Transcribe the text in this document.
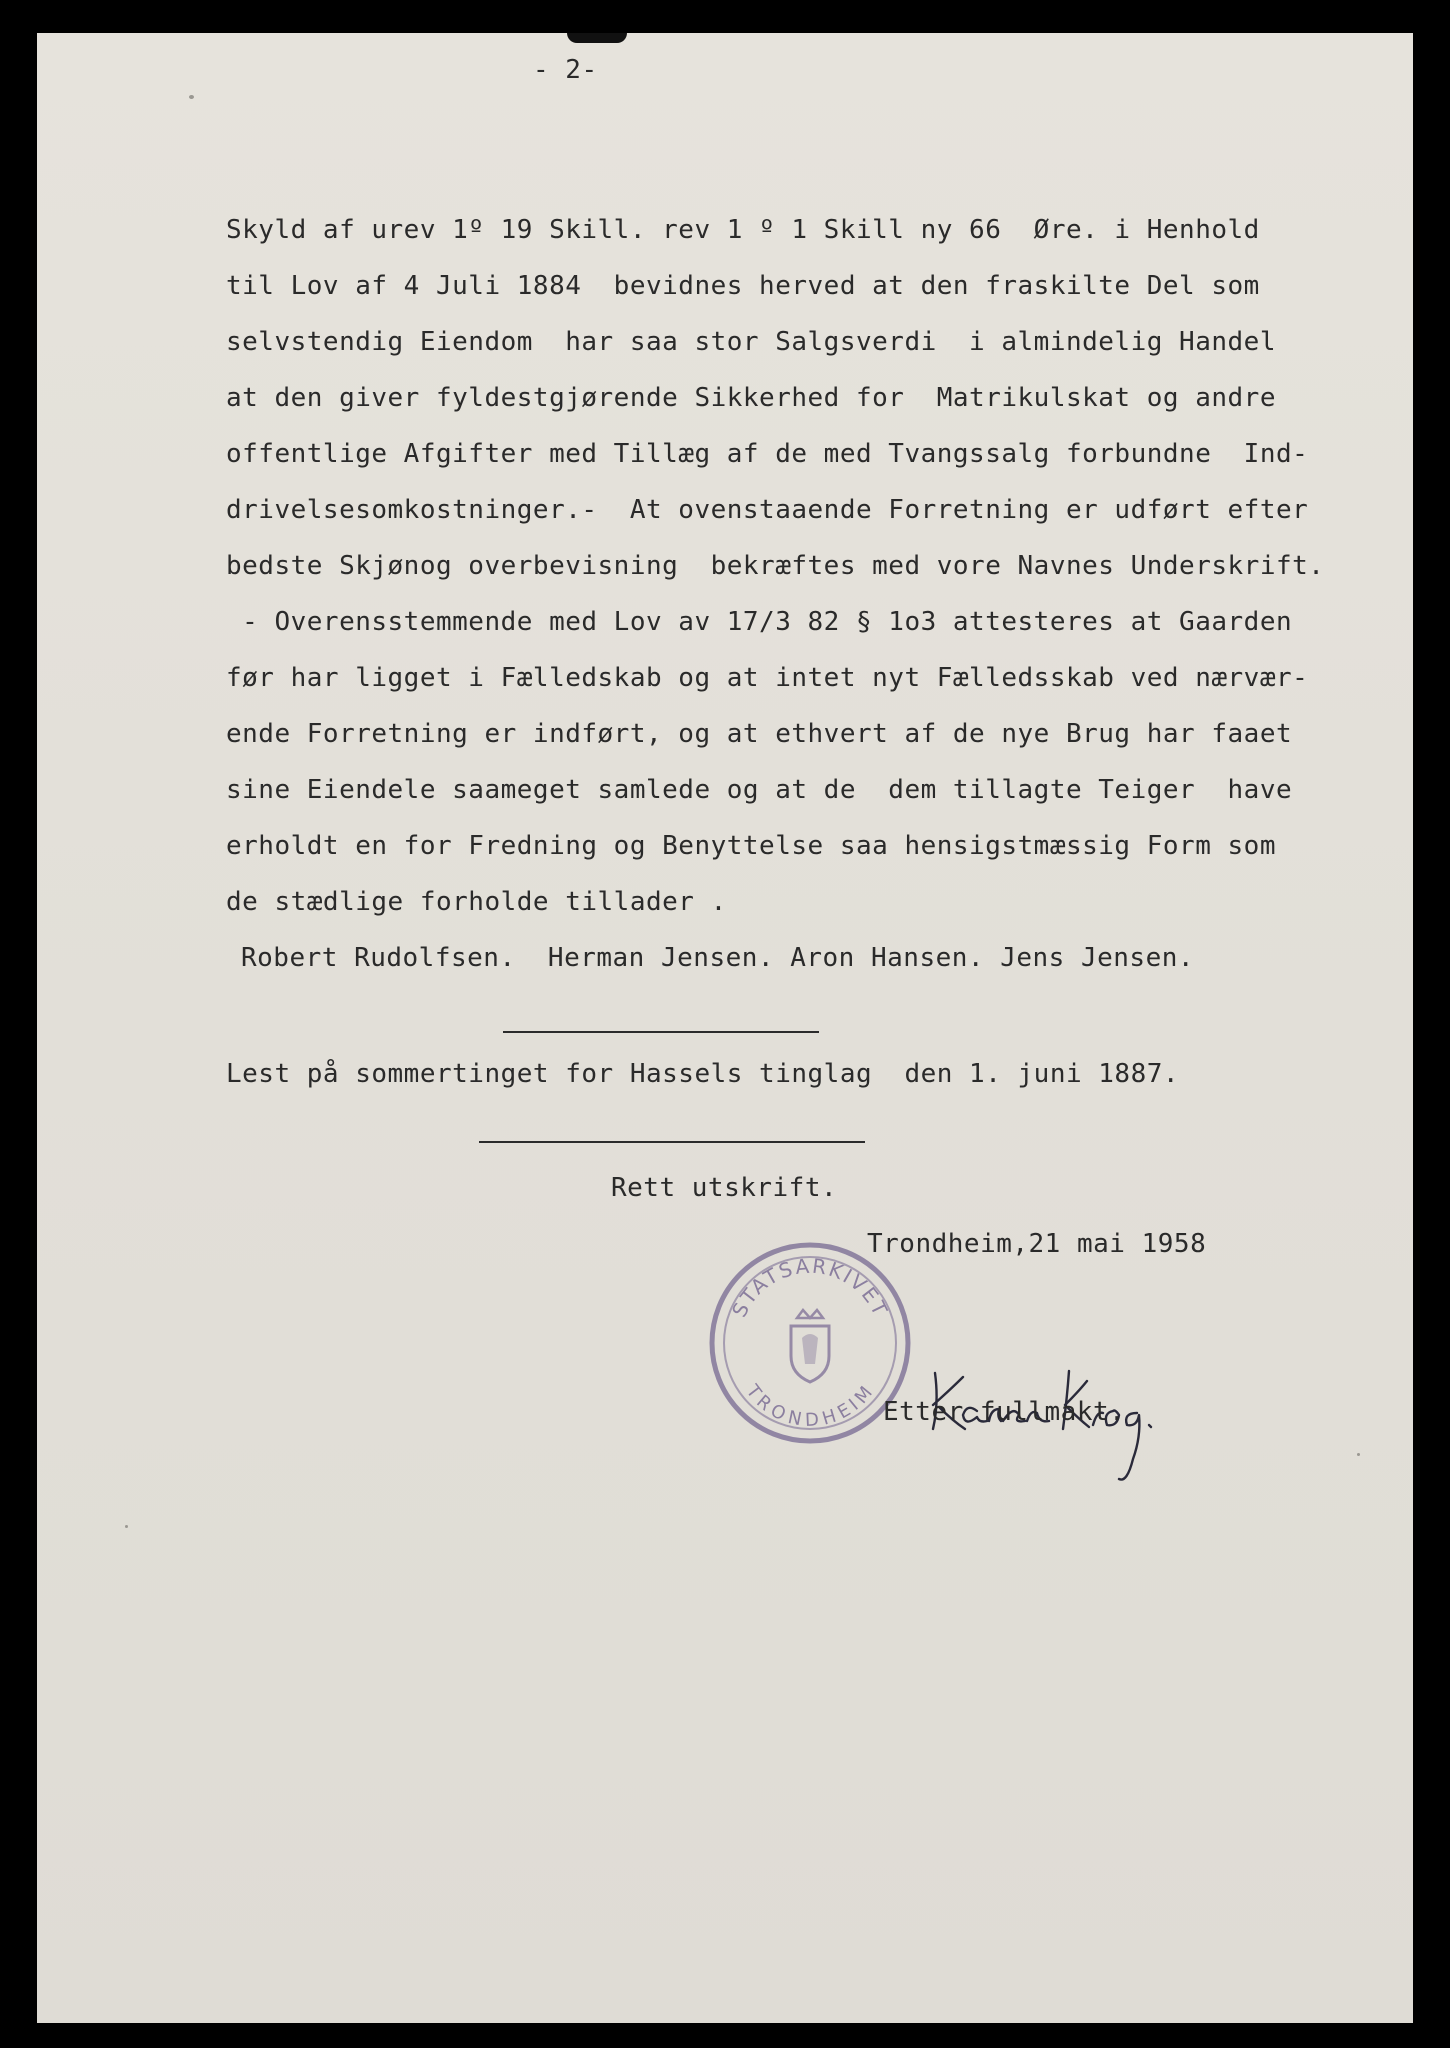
- 2-
Skyld af urev 1º 19 Skill. rev 1 º 1 Skill ny 66  Øre. i Henhold
til Lov af 4 Juli 1884  bevidnes herved at den fraskilte Del som
selvstendig Eiendom  har saa stor Salgsverdi  i almindelig Handel
at den giver fyldestgjørende Sikkerhed for  Matrikulskat og andre
offentlige Afgifter med Tillæg af de med Tvangssalg forbundne  Ind-
drivelsesomkostninger.-  At ovenstaaende Forretning er udført efter
bedste Skjønog overbevisning  bekræftes med vore Navnes Underskrift.
- Overensstemmende med Lov av 17/3 82 § 1o3 attesteres at Gaarden
før har ligget i Fælledskab og at intet nyt Fælledsskab ved nærvær-
ende Forretning er indført, og at ethvert af de nye Brug har faaet
sine Eiendele saameget samlede og at de  dem tillagte Teiger  have
erholdt en for Fredning og Benyttelse saa hensigstmæssig Form som
de stædlige forholde tillader .
Robert Rudolfsen.  Herman Jensen. Aron Hansen. Jens Jensen.
Lest på sommertinget for Hassels tinglag  den 1. juni 1887.
Rett utskrift.
Trondheim,21 mai 1958
STATSARKIVET
TRONDHEIM
Karen Krog.
Etter fullmakt.
